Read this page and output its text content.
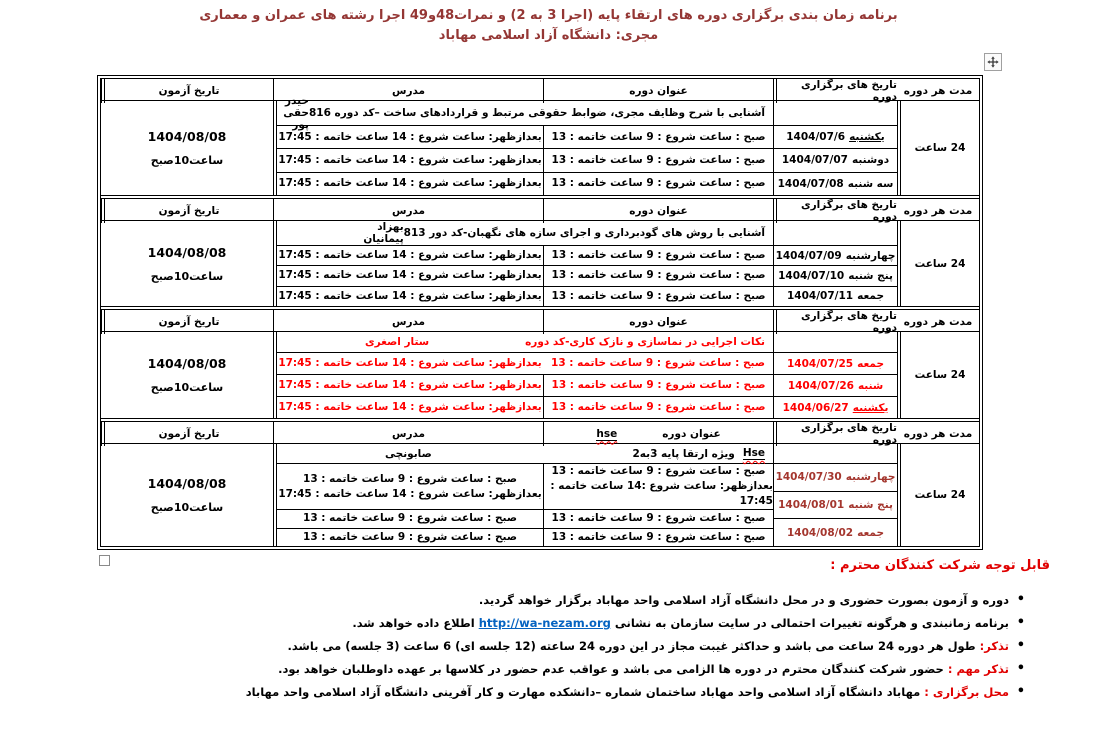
برنامه زمان بندی برگزاری دوره های ارتقاء پایه (اجرا 3 به 2) و نمرات48و49 اجرا رشته های عمران و معماری
مجری: دانشگاه آزاد اسلامی مهاباد
مدت هر دوره
تاریخ های برگزاری دوره
عنوان دوره
مدرس
تاریخ آزمون
24 ساعت
یکشنبه
1404/07/6
دوشنبه
1404/07/07
سه شنبه
1404/07/08
آشنایی با شرح وظایف مجری، ضوابط حقوقی مرتبط و قراردادهای ساخت –کد دوره 816
حیدر حقی پور
صبح : ساعت شروع : 9 ساعت خاتمه : 13
بعدازظهر: ساعت شروع : 14 ساعت خاتمه : 17:45
صبح : ساعت شروع : 9 ساعت خاتمه : 13
بعدازظهر: ساعت شروع : 14 ساعت خاتمه : 17:45
صبح : ساعت شروع : 9 ساعت خاتمه : 13
بعدازظهر: ساعت شروع : 14 ساعت خاتمه : 17:45
1404/08/08
ساعت10صبح
مدت هر دوره
تاریخ های برگزاری دوره
عنوان دوره
مدرس
تاریخ آزمون
24 ساعت
چهارشنبه
1404/07/09
پنج شنبه
1404/07/10
جمعه
1404/07/11
آشنایی با روش های گودبرداری و اجرای سازه های نگهبان-کد دور 813
بهزاد پیمانیان
صبح : ساعت شروع : 9 ساعت خاتمه : 13
بعدازظهر: ساعت شروع : 14 ساعت خاتمه : 17:45
صبح : ساعت شروع : 9 ساعت خاتمه : 13
بعدازظهر: ساعت شروع : 14 ساعت خاتمه : 17:45
صبح : ساعت شروع : 9 ساعت خاتمه : 13
بعدازظهر: ساعت شروع : 14 ساعت خاتمه : 17:45
1404/08/08
ساعت10صبح
مدت هر دوره
تاریخ های برگزاری دوره
عنوان دوره
مدرس
تاریخ آزمون
24 ساعت
جمعه
1404/07/25
شنبه
1404/07/26
یکشنبه
1404/06/27
نکات اجرایی در نماسازی و نازک کاری-کد دوره
ستار اصغری
صبح : ساعت شروع : 9 ساعت خاتمه : 13
بعدازظهر: ساعت شروع : 14 ساعت خاتمه : 17:45
صبح : ساعت شروع : 9 ساعت خاتمه : 13
بعدازظهر: ساعت شروع : 14 ساعت خاتمه : 17:45
صبح : ساعت شروع : 9 ساعت خاتمه : 13
بعدازظهر: ساعت شروع : 14 ساعت خاتمه : 17:45
1404/08/08
ساعت10صبح
مدت هر دوره
تاریخ های برگزاری دوره
عنوان دوره
hse
مدرس
تاریخ آزمون
24 ساعت
چهارشنبه
1404/07/30
پنج شنبه
1404/08/01
جمعه
1404/08/02
Hse
ویژه ارتقا پایه 3به2
صابونچی
صبح : ساعت شروع : 9 ساعت خاتمه : 13
بعدازظهر: ساعت شروع :14 ساعت خاتمه : 17:45
صبح : ساعت شروع : 9 ساعت خاتمه : 13
بعدازظهر: ساعت شروع : 14 ساعت خاتمه : 17:45
صبح : ساعت شروع : 9 ساعت خاتمه : 13
صبح : ساعت شروع : 9 ساعت خاتمه : 13
صبح : ساعت شروع : 9 ساعت خاتمه : 13
صبح : ساعت شروع : 9 ساعت خاتمه : 13
1404/08/08
ساعت10صبح
قابل توجه شرکت کنندگان محترم :
• دوره و آزمون بصورت حضوری و در محل دانشگاه آزاد اسلامی واحد مهاباد برگزار خواهد گردید.
• برنامه زمانبندی و هرگونه تغییرات احتمالی در سایت سازمان به نشانی http://wa-nezam.org اطلاع داده خواهد شد.
• تذکر: طول هر دوره 24 ساعت می باشد و حداکثر غیبت مجاز در این دوره 24 ساعته (12 جلسه ای) 6 ساعت (3 جلسه) می باشد.
• تذکر مهم : حضور شرکت کنندگان محترم در دوره ها الزامی می باشد و عواقب عدم حضور در کلاسها بر عهده داوطلبان خواهد بود.
• محل برگزاری : مهاباد دانشگاه آزاد اسلامی واحد مهاباد ساختمان شماره –دانشکده مهارت و کار آفرینی دانشگاه آزاد اسلامی واحد مهاباد
